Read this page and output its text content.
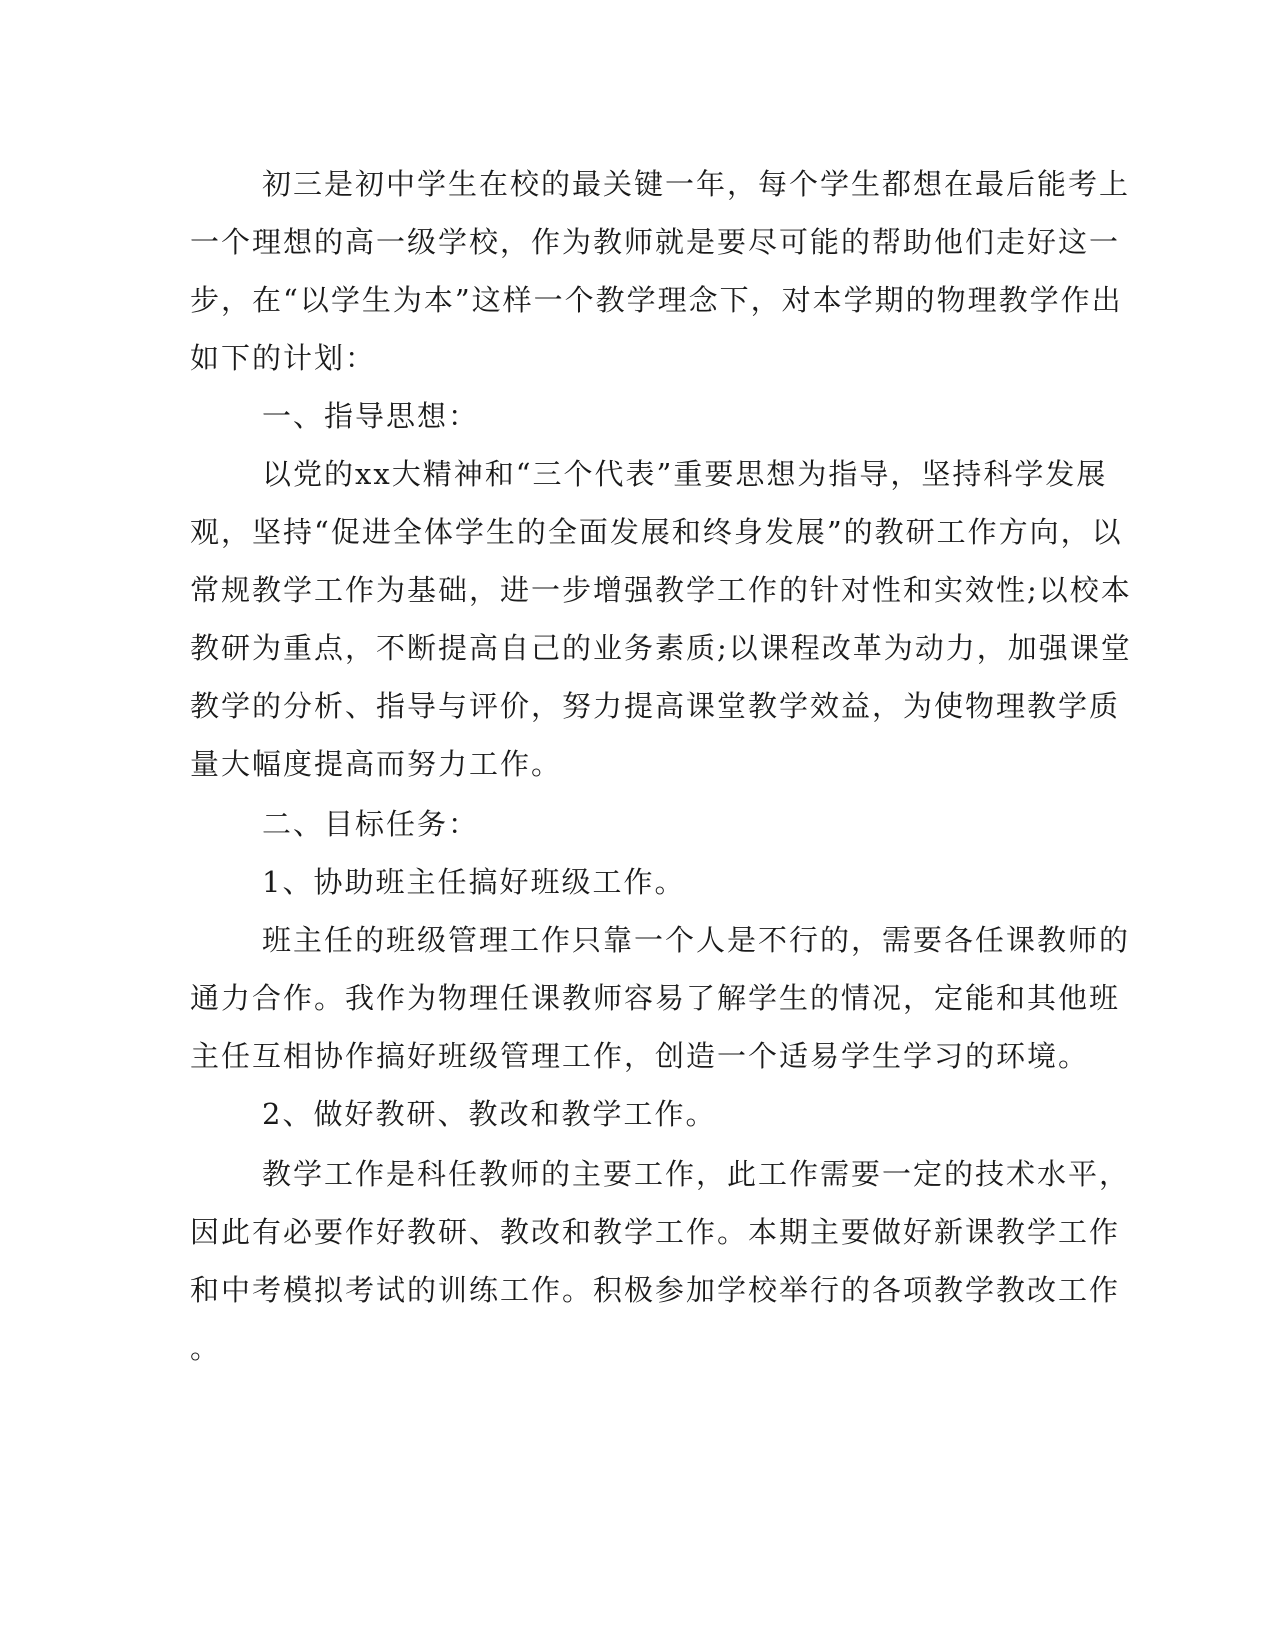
初三是初中学生在校的最关键一年，每个学生都想在最后能考上

一个理想的高一级学校，作为教师就是要尽可能的帮助他们走好这一

步，在“以学生为本”这样一个教学理念下，对本学期的物理教学作出

如下的计划：

一、指导思想：

以党的xx大精神和“三个代表”重要思想为指导，坚持科学发展

观，坚持“促进全体学生的全面发展和终身发展”的教研工作方向，以

常规教学工作为基础，进一步增强教学工作的针对性和实效性;以校本

教研为重点，不断提高自己的业务素质;以课程改革为动力，加强课堂

教学的分析、指导与评价，努力提高课堂教学效益，为使物理教学质

量大幅度提高而努力工作。

二、目标任务：

1、协助班主任搞好班级工作。

班主任的班级管理工作只靠一个人是不行的，需要各任课教师的

通力合作。我作为物理任课教师容易了解学生的情况，定能和其他班

主任互相协作搞好班级管理工作，创造一个适易学生学习的环境。

2、做好教研、教改和教学工作。

教学工作是科任教师的主要工作，此工作需要一定的技术水平，

因此有必要作好教研、教改和教学工作。本期主要做好新课教学工作

和中考模拟考试的训练工作。积极参加学校举行的各项教学教改工作

。
